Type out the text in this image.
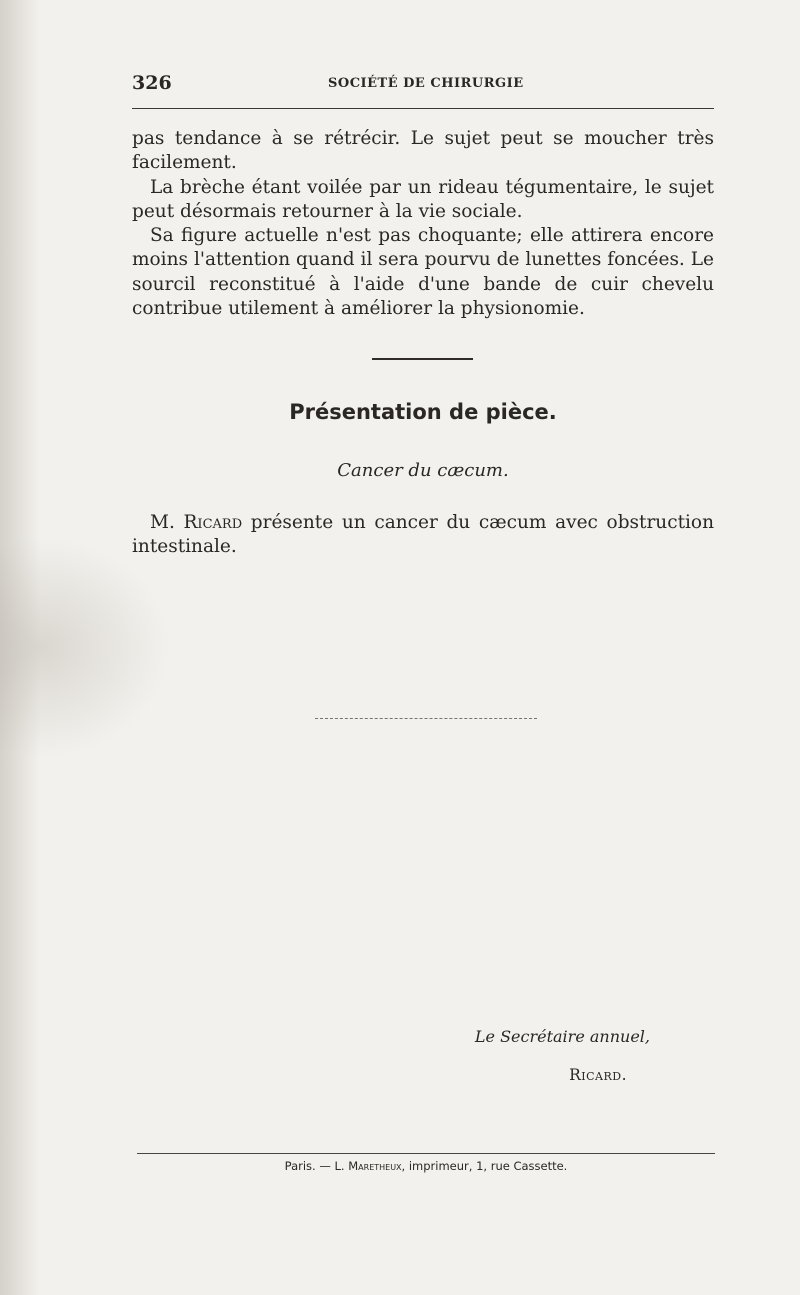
326	SOCIÉTÉ DE CHIRURGIE

pas tendance à se rétrécir. Le sujet peut se moucher très facilement.

La brèche étant voilée par un rideau tégumentaire, le sujet peut désormais retourner à la vie sociale.

Sa figure actuelle n'est pas choquante; elle attirera encore moins l'attention quand il sera pourvu de lunettes foncées. Le sourcil reconstitué à l'aide d'une bande de cuir chevelu contribue utilement à améliorer la physionomie.

Présentation de pièce.
Cancer du cæcum.

M. Ricard présente un cancer du cæcum avec obstruction intestinale.

Le Secrétaire annuel,
Ricard.
Paris. — L. Maretheux, imprimeur, 1, rue Cassette.
